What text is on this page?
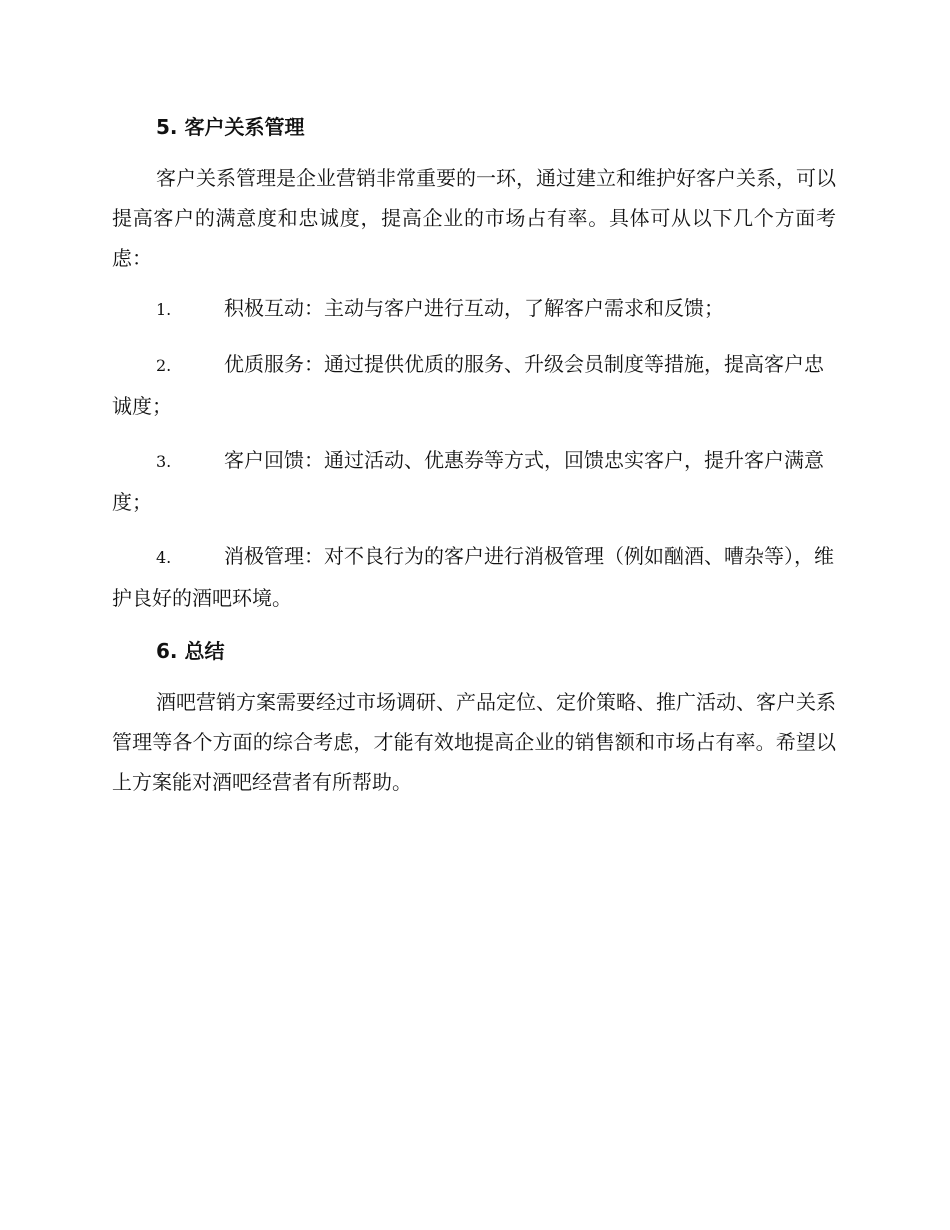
5. 客户关系管理

客户关系管理是企业营销非常重要的一环，通过建立和维护好客户关系，可以提高客户的满意度和忠诚度，提高企业的市场占有率。具体可从以下几个方面考虑：

1.	积极互动：主动与客户进行互动，了解客户需求和反馈；
2.	优质服务：通过提供优质的服务、升级会员制度等措施，提高客户忠诚度；
3.	客户回馈：通过活动、优惠券等方式，回馈忠实客户，提升客户满意度；
4.	消极管理：对不良行为的客户进行消极管理（例如酗酒、嘈杂等），维护良好的酒吧环境。
6. 总结

酒吧营销方案需要经过市场调研、产品定位、定价策略、推广活动、客户关系管理等各个方面的综合考虑，才能有效地提高企业的销售额和市场占有率。希望以上方案能对酒吧经营者有所帮助。
